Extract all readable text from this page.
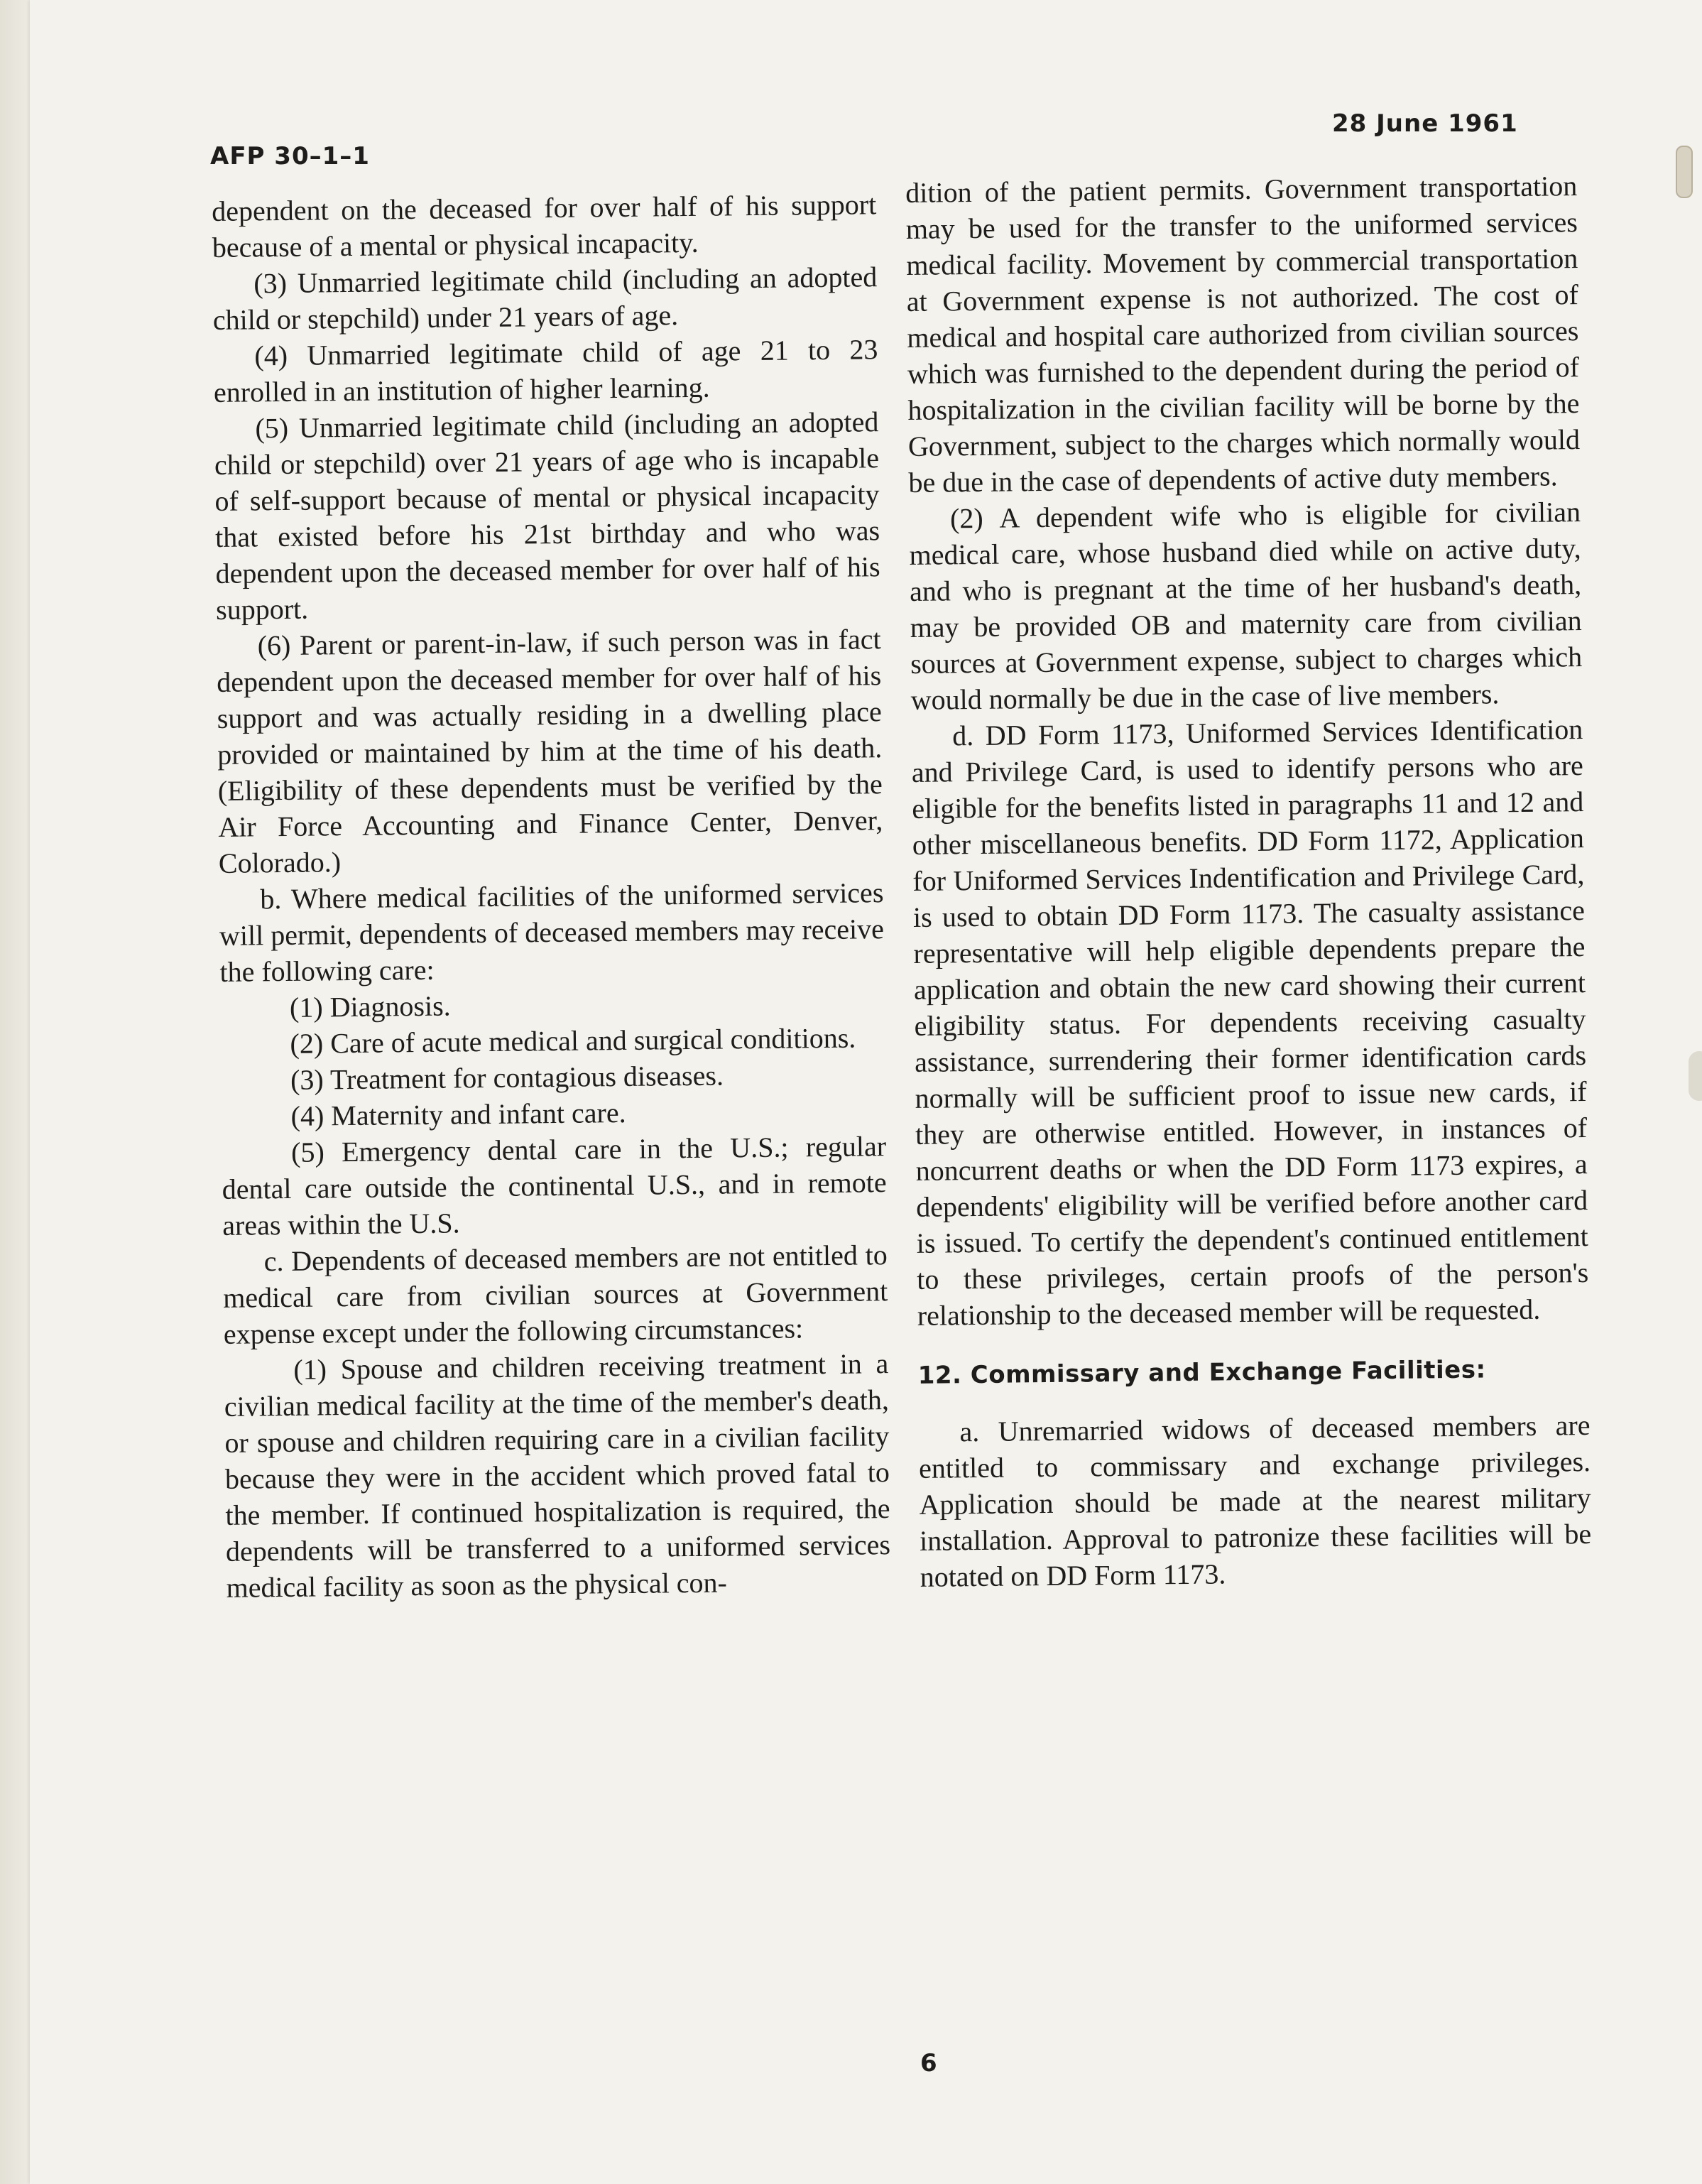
AFP 30–1–1
28 June 1961

dependent on the deceased for over half of his support because of a mental or physical incapacity.

(3) Unmarried legitimate child (including an adopted child or stepchild) under 21 years of age.

(4) Unmarried legitimate child of age 21 to 23 enrolled in an institution of higher learning.

(5) Unmarried legitimate child (including an adopted child or stepchild) over 21 years of age who is incapable of self-support because of mental or physical incapacity that existed before his 21st birthday and who was dependent upon the deceased member for over half of his support.

(6) Parent or parent-in-law, if such person was in fact dependent upon the deceased member for over half of his support and was actually residing in a dwelling place provided or maintained by him at the time of his death. (Eligibility of these dependents must be verified by the Air Force Accounting and Finance Center, Denver, Colorado.)

b. Where medical facilities of the uniformed services will permit, dependents of deceased members may receive the following care:

(1) Diagnosis.

(2) Care of acute medical and surgical conditions.

(3) Treatment for contagious diseases.

(4) Maternity and infant care.

(5) Emergency dental care in the U.S.; regular dental care outside the continental U.S., and in remote areas within the U.S.

c. Dependents of deceased members are not entitled to medical care from civilian sources at Government expense except under the following circumstances:

(1) Spouse and children receiving treatment in a civilian medical facility at the time of the member's death, or spouse and children requiring care in a civilian facility because they were in the accident which proved fatal to the member. If continued hospitalization is required, the dependents will be transferred to a uniformed services medical facility as soon as the physical con-

dition of the patient permits. Government transportation may be used for the transfer to the uniformed services medical facility. Movement by commercial transportation at Government expense is not authorized. The cost of medical and hospital care authorized from civilian sources which was furnished to the dependent during the period of hospitalization in the civilian facility will be borne by the Government, subject to the charges which normally would be due in the case of dependents of active duty members.

(2) A dependent wife who is eligible for civilian medical care, whose husband died while on active duty, and who is pregnant at the time of her husband's death, may be provided OB and maternity care from civilian sources at Government expense, subject to charges which would normally be due in the case of live members.

d. DD Form 1173, Uniformed Services Identification and Privilege Card, is used to identify persons who are eligible for the benefits listed in paragraphs 11 and 12 and other miscellaneous benefits. DD Form 1172, Application for Uniformed Services Indentification and Privilege Card, is used to obtain DD Form 1173. The casualty assistance representative will help eligible dependents prepare the application and obtain the new card showing their current eligibility status. For dependents receiving casualty assistance, surrendering their former identification cards normally will be sufficient proof to issue new cards, if they are otherwise entitled. However, in instances of noncurrent deaths or when the DD Form 1173 expires, a dependents' eligibility will be verified before another card is issued. To certify the dependent's continued entitlement to these privileges, certain proofs of the person's relationship to the deceased member will be requested.

12. Commissary and Exchange Facilities:

a. Unremarried widows of deceased members are entitled to commissary and exchange privileges. Application should be made at the nearest military installation. Approval to patronize these facilities will be notated on DD Form 1173.

6
